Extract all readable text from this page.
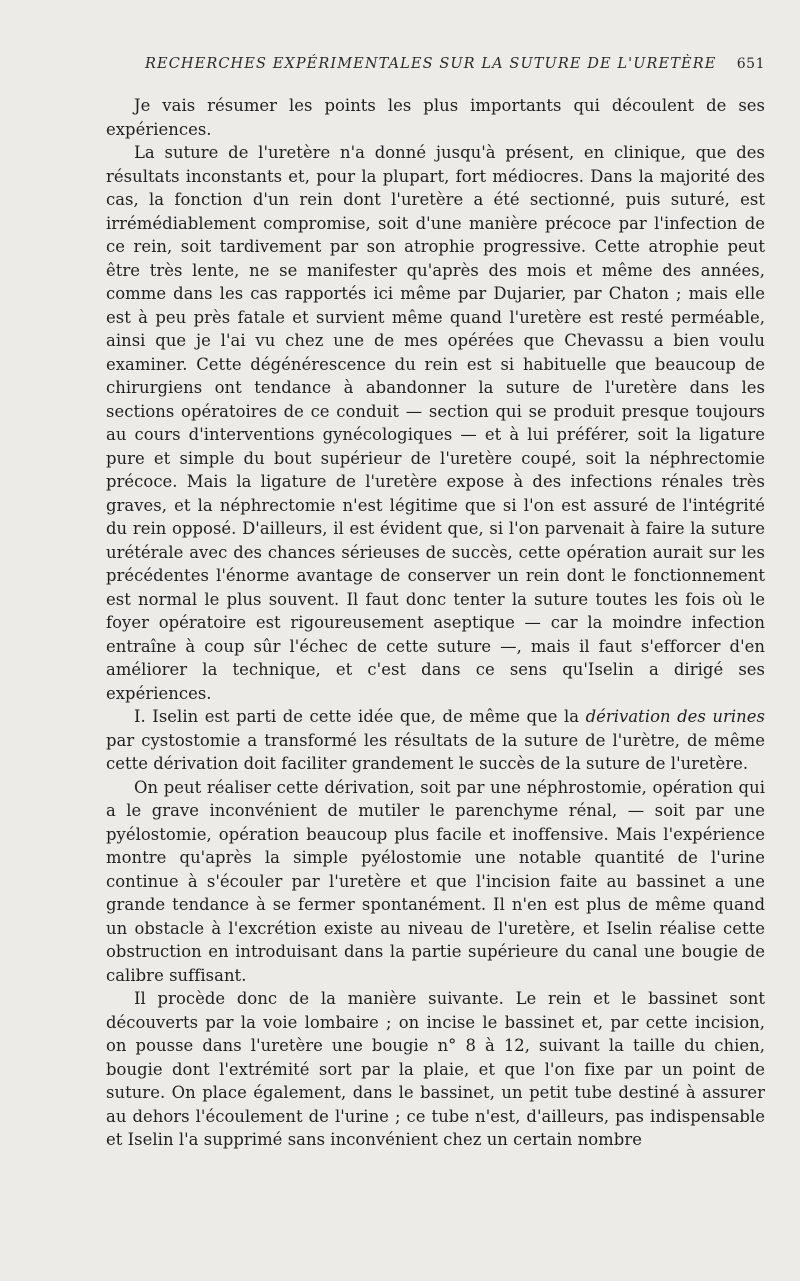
RECHERCHES EXPÉRIMENTALES SUR LA SUTURE DE L'URETÈRE 651

Je vais résumer les points les plus importants qui découlent de ses expériences.

La suture de l'uretère n'a donné jusqu'à présent, en clinique, que des résultats inconstants et, pour la plupart, fort médiocres. Dans la majorité des cas, la fonction d'un rein dont l'uretère a été sectionné, puis suturé, est irrémédiablement compromise, soit d'une manière précoce par l'infection de ce rein, soit tardivement par son atrophie progressive. Cette atrophie peut être très lente, ne se manifester qu'après des mois et même des années, comme dans les cas rapportés ici même par Dujarier, par Chaton ; mais elle est à peu près fatale et survient même quand l'uretère est resté perméable, ainsi que je l'ai vu chez une de mes opérées que Chevassu a bien voulu examiner. Cette dégénérescence du rein est si habituelle que beaucoup de chirurgiens ont tendance à abandonner la suture de l'uretère dans les sections opératoires de ce conduit — section qui se produit presque toujours au cours d'interventions gynécologiques — et à lui préférer, soit la ligature pure et simple du bout supérieur de l'uretère coupé, soit la néphrectomie précoce. Mais la ligature de l'uretère expose à des infections rénales très graves, et la néphrectomie n'est légitime que si l'on est assuré de l'intégrité du rein opposé. D'ailleurs, il est évident que, si l'on parvenait à faire la suture urétérale avec des chances sérieuses de succès, cette opération aurait sur les précédentes l'énorme avantage de conserver un rein dont le fonctionnement est normal le plus souvent. Il faut donc tenter la suture toutes les fois où le foyer opératoire est rigoureusement aseptique — car la moindre infection entraîne à coup sûr l'échec de cette suture —, mais il faut s'efforcer d'en améliorer la technique, et c'est dans ce sens qu'Iselin a dirigé ses expériences.

I. Iselin est parti de cette idée que, de même que la dérivation des urines par cystostomie a transformé les résultats de la suture de l'urètre, de même cette dérivation doit faciliter grandement le succès de la suture de l'uretère.

On peut réaliser cette dérivation, soit par une néphrostomie, opération qui a le grave inconvénient de mutiler le parenchyme rénal, — soit par une pyélostomie, opération beaucoup plus facile et inoffensive. Mais l'expérience montre qu'après la simple pyélostomie une notable quantité de l'urine continue à s'écouler par l'uretère et que l'incision faite au bassinet a une grande tendance à se fermer spontanément. Il n'en est plus de même quand un obstacle à l'excrétion existe au niveau de l'uretère, et Iselin réalise cette obstruction en introduisant dans la partie supérieure du canal une bougie de calibre suffisant.

Il procède donc de la manière suivante. Le rein et le bassinet sont découverts par la voie lombaire ; on incise le bassinet et, par cette incision, on pousse dans l'uretère une bougie n° 8 à 12, suivant la taille du chien, bougie dont l'extrémité sort par la plaie, et que l'on fixe par un point de suture. On place également, dans le bassinet, un petit tube destiné à assurer au dehors l'écoulement de l'urine ; ce tube n'est, d'ailleurs, pas indispensable et Iselin l'a supprimé sans inconvénient chez un certain nombre
